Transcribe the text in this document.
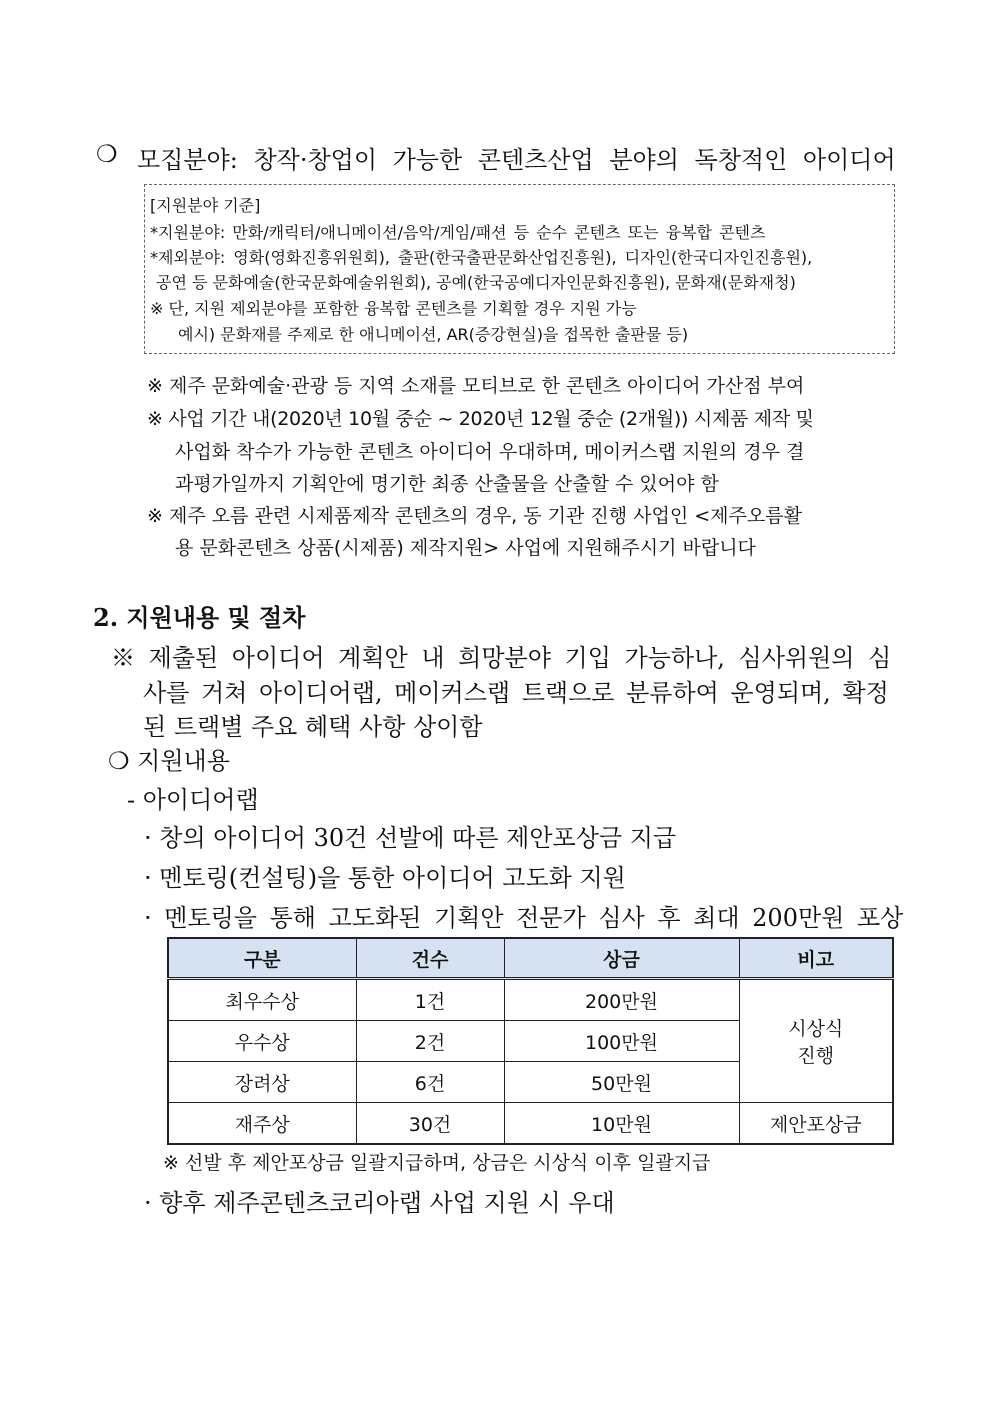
❍ 모집분야: 창작·창업이 가능한 콘텐츠산업 분야의 독창적인 아이디어
[지원분야 기준]
*지원분야: 만화/캐릭터/애니메이션/음악/게임/패션 등 순수 콘텐츠 또는 융복합 콘텐츠
*제외분야: 영화(영화진흥위원회), 출판(한국출판문화산업진흥원), 디자인(한국디자인진흥원),
공연 등 문화예술(한국문화예술위원회), 공예(한국공예디자인문화진흥원), 문화재(문화재청)
※ 단, 지원 제외분야를 포함한 융복합 콘텐츠를 기획할 경우 지원 가능
예시) 문화재를 주제로 한 애니메이션, AR(증강현실)을 접목한 출판물 등)
※ 제주 문화예술·관광 등 지역 소재를 모티브로 한 콘텐츠 아이디어 가산점 부여
※ 사업 기간 내(2020년 10월 중순 ~ 2020년 12월 중순 (2개월)) 시제품 제작 및
사업화 착수가 가능한 콘텐츠 아이디어 우대하며, 메이커스랩 지원의 경우 결
과평가일까지 기획안에 명기한 최종 산출물을 산출할 수 있어야 함
※ 제주 오름 관련 시제품제작 콘텐츠의 경우, 동 기관 진행 사업인 <제주오름활
용 문화콘텐츠 상품(시제품) 제작지원> 사업에 지원해주시기 바랍니다
2. 지원내용 및 절차
※ 제출된 아이디어 계획안 내 희망분야 기입 가능하나, 심사위원의 심
사를 거쳐 아이디어랩, 메이커스랩 트랙으로 분류하여 운영되며, 확정
된 트랙별 주요 혜택 사항 상이함
❍ 지원내용
- 아이디어랩
· 창의 아이디어 30건 선발에 따른 제안포상금 지급
· 멘토링(컨설팅)을 통한 아이디어 고도화 지원
· 멘토링을 통해 고도화된 기획안 전문가 심사 후 최대 200만원 포상
구분	건수	상금	비고
최우수상	1건	200만원	시상식
진행
우수상	2건	100만원	
장려상	6건	50만원	
재주상	30건	10만원	제안포상금
※ 선발 후 제안포상금 일괄지급하며, 상금은 시상식 이후 일괄지급
· 향후 제주콘텐츠코리아랩 사업 지원 시 우대
